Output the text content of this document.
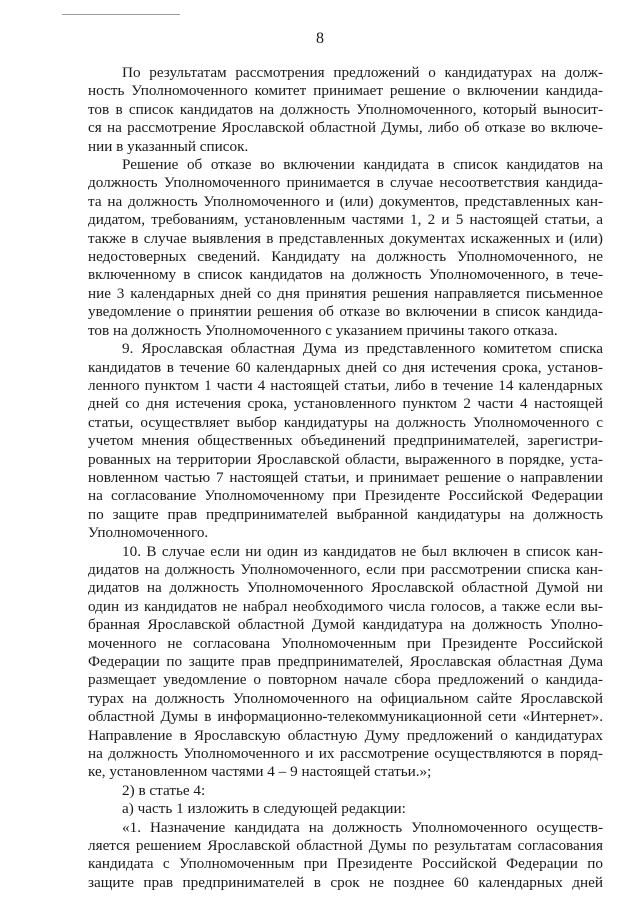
8

По результатам рассмотрения предложений о кандидатурах на долж-
ность Уполномоченного комитет принимает решение о включении кандида-
тов в список кандидатов на должность Уполномоченного, который выносит-
ся на рассмотрение Ярославской областной Думы, либо об отказе во включе-
нии в указанный список.

Решение об отказе во включении кандидата в список кандидатов на
должность Уполномоченного принимается в случае несоответствия кандида-
та на должность Уполномоченного и (или) документов, представленных кан-
дидатом, требованиям, установленным частями 1, 2 и 5 настоящей статьи, а
также в случае выявления в представленных документах искаженных и (или)
недостоверных сведений. Кандидату на должность Уполномоченного, не
включенному в список кандидатов на должность Уполномоченного, в тече-
ние 3 календарных дней со дня принятия решения направляется письменное
уведомление о принятии решения об отказе во включении в список кандида-
тов на должность Уполномоченного с указанием причины такого отказа.

9. Ярославская областная Дума из представленного комитетом списка
кандидатов в течение 60 календарных дней со дня истечения срока, установ-
ленного пунктом 1 части 4 настоящей статьи, либо в течение 14 календарных
дней со дня истечения срока, установленного пунктом 2 части 4 настоящей
статьи, осуществляет выбор кандидатуры на должность Уполномоченного с
учетом мнения общественных объединений предпринимателей, зарегистри-
рованных на территории Ярославской области, выраженного в порядке, уста-
новленном частью 7 настоящей статьи, и принимает решение о направлении
на согласование Уполномоченному при Президенте Российской Федерации
по защите прав предпринимателей выбранной кандидатуры на должность
Уполномоченного.

10. В случае если ни один из кандидатов не был включен в список кан-
дидатов на должность Уполномоченного, если при рассмотрении списка кан-
дидатов на должность Уполномоченного Ярославской областной Думой ни
один из кандидатов не набрал необходимого числа голосов, а также если вы-
бранная Ярославской областной Думой кандидатура на должность Уполно-
моченного не согласована Уполномоченным при Президенте Российской
Федерации по защите прав предпринимателей, Ярославская областная Дума
размещает уведомление о повторном начале сбора предложений о кандида-
турах на должность Уполномоченного на официальном сайте Ярославской
областной Думы в информационно-телекоммуникационной сети «Интернет».
Направление в Ярославскую областную Думу предложений о кандидатурах
на должность Уполномоченного и их рассмотрение осуществляются в поряд-
ке, установленном частями 4 – 9 настоящей статьи.»;

2) в статье 4:

а) часть 1 изложить в следующей редакции:

«1. Назначение кандидата на должность Уполномоченного осуществ-
ляется решением Ярославской областной Думы по результатам согласования
кандидата с Уполномоченным при Президенте Российской Федерации по
защите прав предпринимателей в срок не позднее 60 календарных дней
